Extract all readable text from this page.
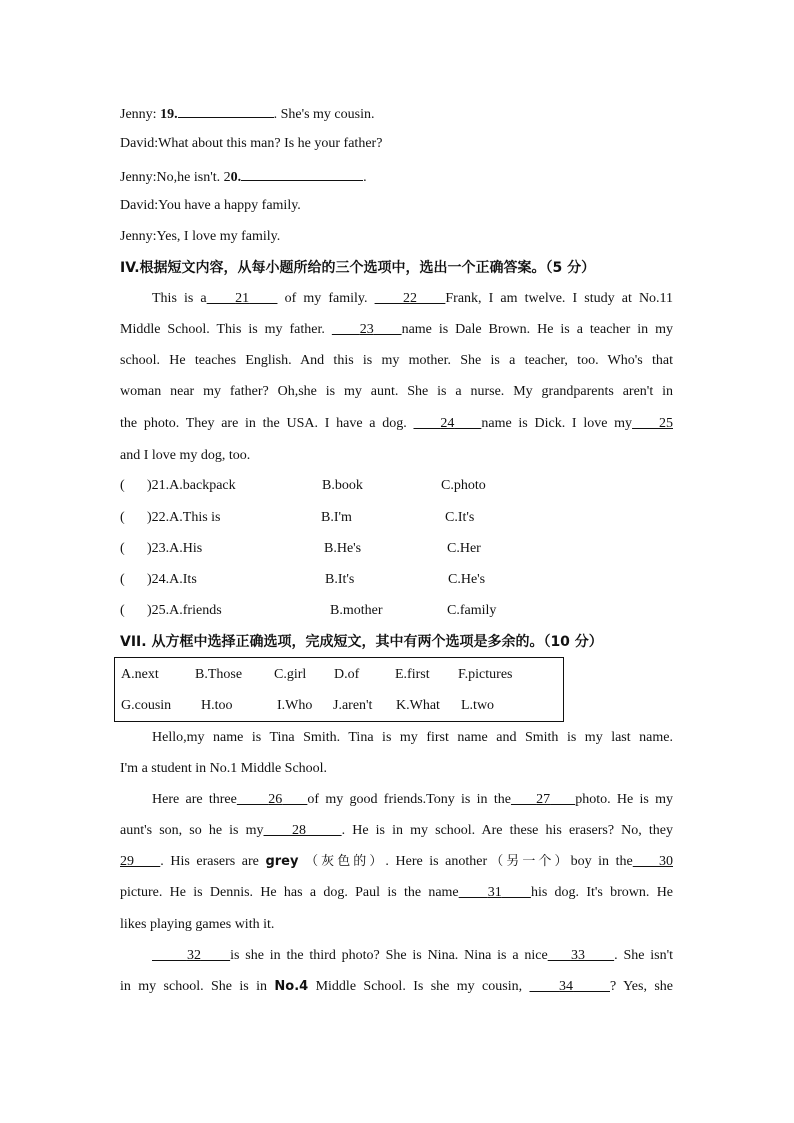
Jenny: 19.	. She's my cousin.
David:What about this man? Is he your father?
Jenny:No,he isn't. 20.	.
David:You have a happy family.
Jenny:Yes, I love my family.
IV.根据短文内容，从每小题所给的三个选项中，选出一个正确答案。（5 分）
This is a 21	of my family.	22 Frank, I am twelve. I study at No.11
Middle School. This is my father. 23 name is Dale Brown. He is a teacher in my
school. He teaches English. And this is my mother. She is a teacher, too. Who's that
woman near my father? Oh,she is my aunt. She is a nurse. My grandparents aren't in
the photo. They are in the USA. I have a dog. 24 name is Dick. I love my 25
and I love my dog, too.
( )21.A.backpack	B.book	C.photo
( )22.A.This is	B.I'm	C.It's
( )23.A.His	B.He's	C.Her
( )24.A.Its	B.It's	C.He's
( )25.A.friends	B.mother	C.family
VII. 从方框中选择正确选项，完成短文，其中有两个选项是多余的。（10 分）
A.next	B.Those C.girl D.of	E.first F.pictures
G.cousin H.too	I.Who J.aren't K.What L.two
Hello,my name is Tina Smith. Tina is my first name and Smith is my last name.
I'm a student in No.1 Middle School.
Here are three 26 of my good friends.Tony is in the 27 photo. He is my
aunt's son, so he is my 28	. He is in my school. Are these his erasers? No, they
29 . His erasers are grey （灰色的）. Here is another（另一个）boy in the 30
picture. He is Dennis. He has a dog. Paul is the name 31 his dog. It's brown. He
likes playing games with it.
32 is she in the third photo? She is Nina. Nina is a nice 33 . She isn't
in my school. She is in No.4 Middle School. Is she my cousin,	34	? Yes, she
